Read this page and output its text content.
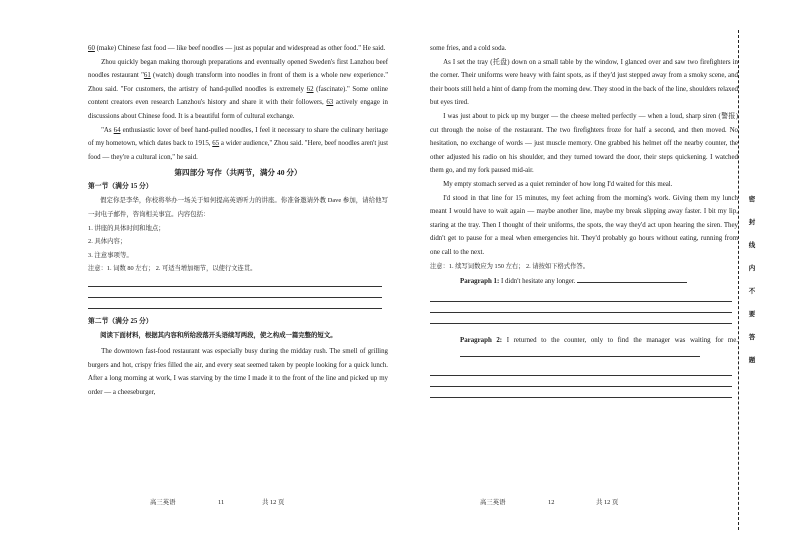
60 (make) Chinese fast food — like beef noodles — just as popular and widespread as other food." He said.

Zhou quickly began making thorough preparations and eventually opened Sweden's first Lanzhou beef noodles restaurant "61 (watch) dough transform into noodles in front of them is a whole new experience." Zhou said. "For customers, the artistry of hand-pulled noodles is extremely 62 (fascinate)." Some online content creators even research Lanzhou's history and share it with their followers, 63 actively engage in discussions about Chinese food. It is a beautiful form of cultural exchange.

"As 64 enthusiastic lover of beef hand-pulled noodles, I feel it necessary to share the culinary heritage of my hometown, which dates back to 1915, 65 a wider audience," Zhou said. "Here, beef noodles aren't just food — they're a cultural icon," he said.

第四部分 写作（共两节，满分 40 分）
第一节（满分 15 分）

假定你是李华，你校将举办一场关于如何提高英语听力的讲座。你准备邀请外教 Dave 参加，请给他写一封电子邮件，咨询相关事宜。内容包括：

1. 讲座的具体时间和地点；

2. 具体内容；

3. 注意事项等。

注意：1. 词数 80 左右； 2. 可适当增加细节，以使行文连贯。

第二节（满分 25 分）

阅读下面材料，根据其内容和所给段落开头语续写两段，使之构成一篇完整的短文。

The downtown fast-food restaurant was especially busy during the midday rush. The smell of grilling burgers and hot, crispy fries filled the air, and every seat seemed taken by people looking for a quick lunch. After a long morning at work, I was starving by the time I made it to the front of the line and picked up my order — a cheeseburger,

高三英语	11	共 12 页

some fries, and a cold soda.

As I set the tray (托盘) down on a small table by the window, I glanced over and saw two firefighters in the corner. Their uniforms were heavy with faint spots, as if they'd just stepped away from a smoky scene, and their boots still held a hint of damp from the morning dew. They stood in the back of the line, shoulders relaxed but eyes tired.

I was just about to pick up my burger — the cheese melted perfectly — when a loud, sharp siren (警报) cut through the noise of the restaurant. The two firefighters froze for half a second, and then moved. No hesitation, no exchange of words — just muscle memory. One grabbed his helmet off the nearby counter, the other adjusted his radio on his shoulder, and they turned toward the door, their steps quickening. I watched them go, and my fork paused mid-air.

My empty stomach served as a quiet reminder of how long I'd waited for this meal.

I'd stood in that line for 15 minutes, my feet aching from the morning's work. Giving them my lunch meant I would have to wait again — maybe another line, maybe my break slipping away faster. I bit my lip, staring at the tray. Then I thought of their uniforms, the spots, the way they'd act upon hearing the siren. They didn't get to pause for a meal when emergencies hit. They'd probably go hours without eating, running from one call to the next.

注意：1. 续写词数应为 150 左右； 2. 请按如下格式作答。

Paragraph 1: I didn't hesitate any longer.

Paragraph 2: I returned to the counter, only to find the manager was waiting for me.

高三英语	12	共 12 页
密
封
线
内
不
要
答
题
